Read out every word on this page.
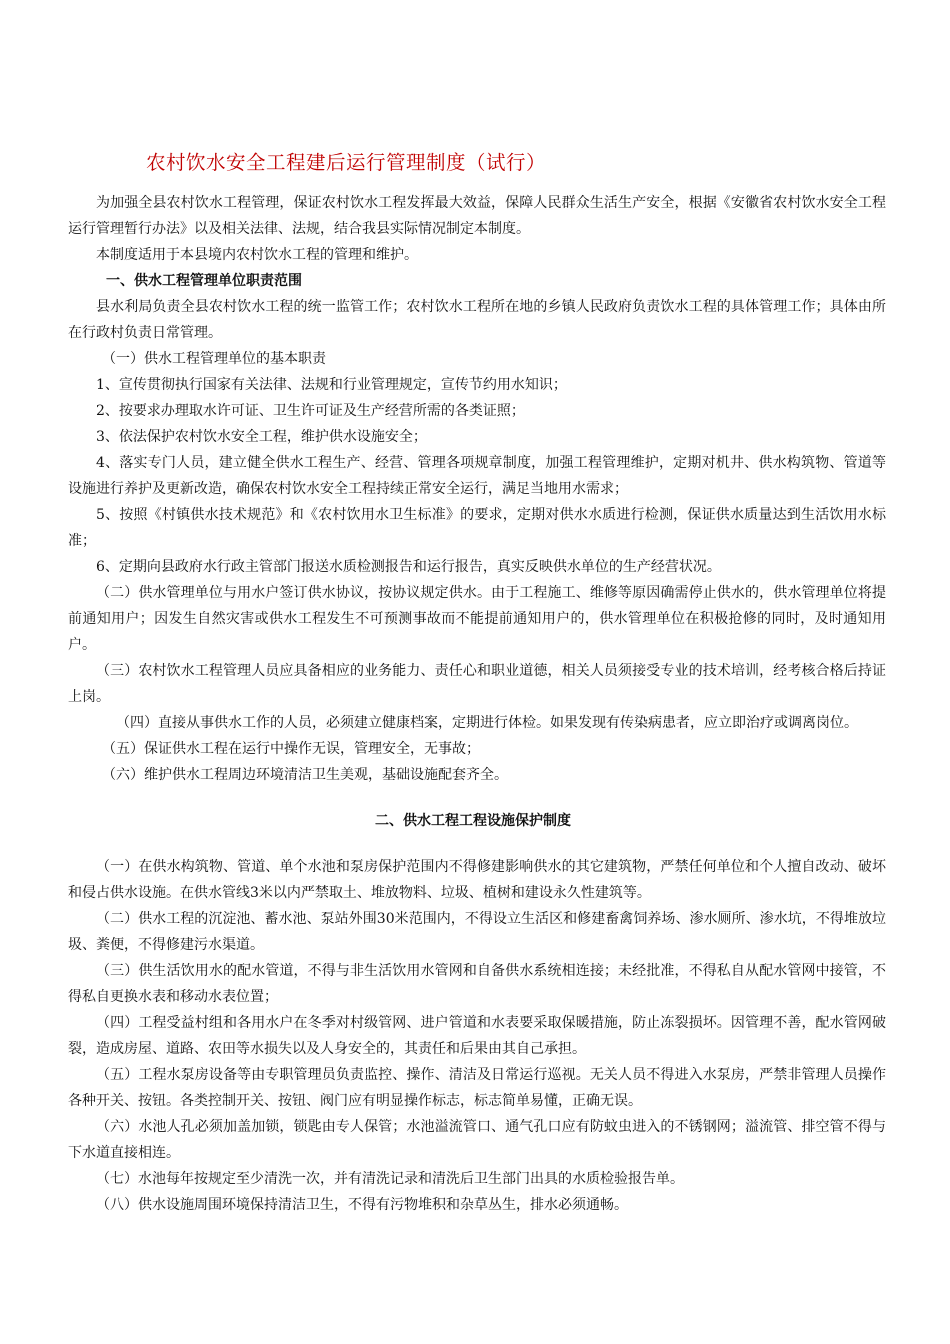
农村饮水安全工程建后运行管理制度（试行）

为加强全县农村饮水工程管理，保证农村饮水工程发挥最大效益，保障人民群众生活生产安全，根据《安徽省农村饮水安全工程运行管理暂行办法》以及相关法律、法规，结合我县实际情况制定本制度。

本制度适用于本县境内农村饮水工程的管理和维护。

一、供水工程管理单位职责范围

县水利局负责全县农村饮水工程的统一监管工作；农村饮水工程所在地的乡镇人民政府负责饮水工程的具体管理工作；具体由所在行政村负责日常管理。

（一）供水工程管理单位的基本职责

1、宣传贯彻执行国家有关法律、法规和行业管理规定，宣传节约用水知识；

2、按要求办理取水许可证、卫生许可证及生产经营所需的各类证照；

3、依法保护农村饮水安全工程，维护供水设施安全；

4、落实专门人员，建立健全供水工程生产、经营、管理各项规章制度，加强工程管理维护，定期对机井、供水构筑物、管道等设施进行养护及更新改造，确保农村饮水安全工程持续正常安全运行，满足当地用水需求；

5、按照《村镇供水技术规范》和《农村饮用水卫生标准》的要求，定期对供水水质进行检测，保证供水质量达到生活饮用水标准；

6、定期向县政府水行政主管部门报送水质检测报告和运行报告，真实反映供水单位的生产经营状况。

（二）供水管理单位与用水户签订供水协议，按协议规定供水。由于工程施工、维修等原因确需停止供水的，供水管理单位将提前通知用户；因发生自然灾害或供水工程发生不可预测事故而不能提前通知用户的，供水管理单位在积极抢修的同时，及时通知用户。

（三）农村饮水工程管理人员应具备相应的业务能力、责任心和职业道德，相关人员须接受专业的技术培训，经考核合格后持证上岗。

（四）直接从事供水工作的人员，必须建立健康档案，定期进行体检。如果发现有传染病患者，应立即治疗或调离岗位。

（五）保证供水工程在运行中操作无误，管理安全，无事故；

（六）维护供水工程周边环境清洁卫生美观，基础设施配套齐全。

二、供水工程工程设施保护制度

（一）在供水构筑物、管道、单个水池和泵房保护范围内不得修建影响供水的其它建筑物，严禁任何单位和个人擅自改动、破坏和侵占供水设施。在供水管线3米以内严禁取土、堆放物料、垃圾、植树和建设永久性建筑等。

（二）供水工程的沉淀池、蓄水池、泵站外围30米范围内，不得设立生活区和修建畜禽饲养场、渗水厕所、渗水坑，不得堆放垃圾、粪便，不得修建污水渠道。

（三）供生活饮用水的配水管道，不得与非生活饮用水管网和自备供水系统相连接；未经批准，不得私自从配水管网中接管，不得私自更换水表和移动水表位置；

（四）工程受益村组和各用水户在冬季对村级管网、进户管道和水表要采取保暖措施，防止冻裂损坏。因管理不善，配水管网破裂，造成房屋、道路、农田等水损失以及人身安全的，其责任和后果由其自己承担。

（五）工程水泵房设备等由专职管理员负责监控、操作、清洁及日常运行巡视。无关人员不得进入水泵房，严禁非管理人员操作各种开关、按钮。各类控制开关、按钮、阀门应有明显操作标志，标志简单易懂，正确无误。

（六）水池人孔必须加盖加锁，锁匙由专人保管；水池溢流管口、通气孔口应有防蚊虫进入的不锈钢网；溢流管、排空管不得与下水道直接相连。

（七）水池每年按规定至少清洗一次，并有清洗记录和清洗后卫生部门出具的水质检验报告单。

（八）供水设施周围环境保持清洁卫生，不得有污物堆积和杂草丛生，排水必须通畅。
